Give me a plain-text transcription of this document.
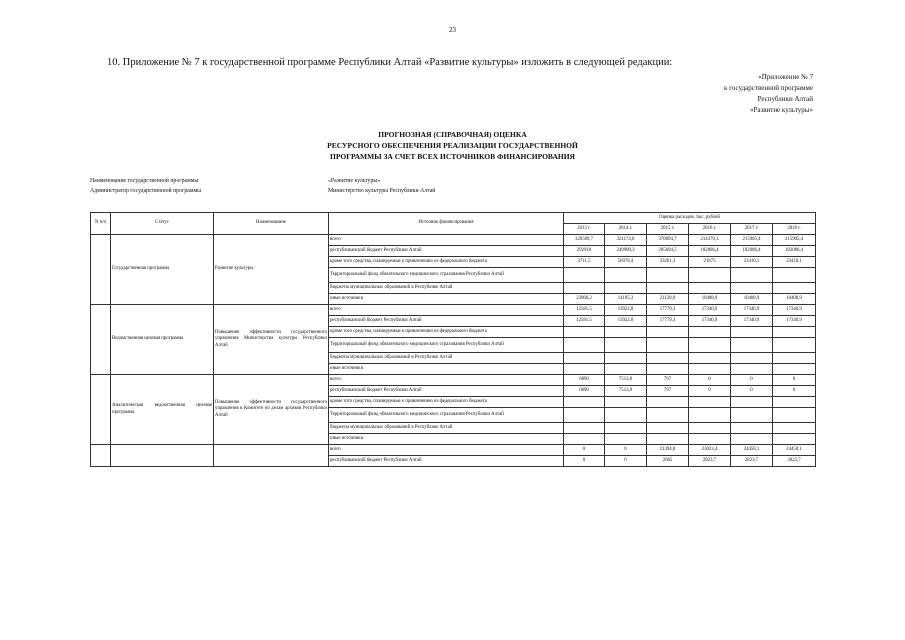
23
10. Приложение № 7 к государственной программе Республики Алтай «Развитие культуры» изложить в следующей редакции:
«Приложение № 7
к государственной программе
Республики Алтай
«Развитие культуры»
ПРОГНОЗНАЯ (СПРАВОЧНАЯ) ОЦЕНКА
РЕСУРСНОГО ОБЕСПЕЧЕНИЯ РЕАЛИЗАЦИИ ГОСУДАРСТВЕННОЙ
ПРОГРАММЫ ЗА СЧЕТ ВСЕХ ИСТОЧНИКОВ ФИНАНСИРОВАНИЯ
Наименование государственной программы	«Развитие культуры»
Администратор государственной программы	Министерство культуры Республики Алтай
N п/п	Статус	Наименование	Источник финансирования	Оценка расходов, тыс. рублей					
				2013 г.	2014 г.	2015 г.	2016 г.	2017 г.	2018 г.
	Государственная программа	Развитие культуры	всего	320589,7	321174,0	370094,7	214370,3	215905,4	215905,4
			республиканский бюджет Республики Алтай	292918	249900,3	285694,5	182086,4	182086,4	182086,4
			кроме того средства, планируемые к привлечению из федерального бюджета	3711,5	56978,4	33261,3	21875	23410,1	23410,1
			Территориальный фонд обязательного медицинского страхования Республики Алтай						
			бюджеты муниципальных образований в Республике Алтай						
			иные источники	23960,2	14195,3	21128,9	10408,9	10408,9	10408,9
	Ведомственная целевая программа	Повышение эффективности государственного управления Министерства культуры Республики Алтай	всего	12581,5	13922,8	17779,3	17340,9	17340,9	17340,9
			республиканский бюджет Республики Алтай	12581,5	13922,8	17779,3	17340,9	17340,9	17340,9
			кроме того средства, планируемые к привлечению из федерального бюджета						
			Территориальный фонд обязательного медицинского страхования Республики Алтай						
			бюджеты муниципальных образований в Республике Алтай						
			иные источники						
	Аналитическая ведомственная целевая программа	Повышение эффективности государственного управления в Комитете по делам архивов Республики Алтай	всего	6890	7513,8	797	0	0	0
			республиканский бюджет Республики Алтай	6890	7513,8	797	0	0	0
			кроме того средства, планируемые к привлечению из федерального бюджета						
			Территориальный фонд обязательного медицинского страхования Республики Алтай						
			бюджеты муниципальных образований в Республике Алтай						
			иные источники						
			всего	0	0	21394,8	23023,4	24458,1	24458,1
			республиканский бюджет Республики Алтай	0	0	2685	2823,7	2823,7	2823,7
